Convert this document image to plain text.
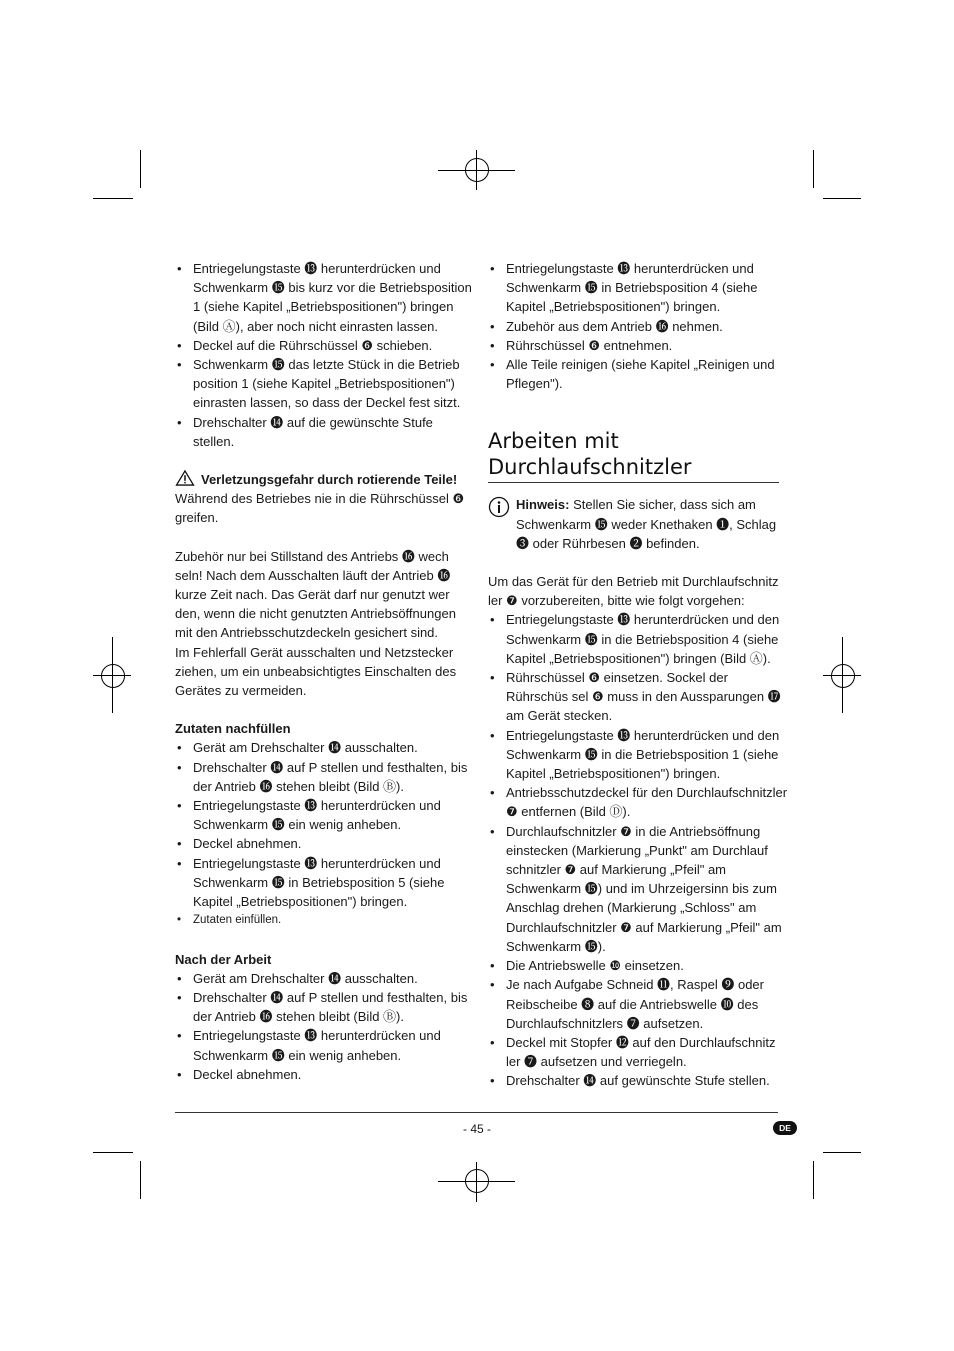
• Entriegelungstaste ⓭ herunterdrücken und Schwenkarm ⓯ bis kurz vor die Betriebsposition 1 (siehe Kapitel „Betriebspositionen") bringen (Bild Ⓐ), aber noch nicht einrasten lassen.
• Deckel auf die Rührschüssel ❻ schieben.
• Schwenkarm ⓯ das letzte Stück in die Betrieb position 1 (siehe Kapitel „Betriebspositionen") einrasten lassen, so dass der Deckel fest sitzt.
• Drehschalter ⓮ auf die gewünschte Stufe stellen.
Verletzungsgefahr durch rotierende Teile!

Während des Betriebes nie in die Rührschüssel ❻ greifen.

Zubehör nur bei Stillstand des Antriebs ⓰ wech seln! Nach dem Ausschalten läuft der Antrieb ⓰ kurze Zeit nach. Das Gerät darf nur genutzt wer den, wenn die nicht genutzten Antriebsöffnungen mit den Antriebsschutzdeckeln gesichert sind.

Im Fehlerfall Gerät ausschalten und Netzstecker ziehen, um ein unbeabsichtigtes Einschalten des Gerätes zu vermeiden.

Zutaten nachfüllen

• Gerät am Drehschalter ⓮ ausschalten.
• Drehschalter ⓮ auf P stellen und festhalten, bis der Antrieb ⓰ stehen bleibt (Bild Ⓑ).
• Entriegelungstaste ⓭ herunterdrücken und Schwenkarm ⓯ ein wenig anheben.
• Deckel abnehmen.
• Entriegelungstaste ⓭ herunterdrücken und Schwenkarm ⓯ in Betriebsposition 5 (siehe Kapitel „Betriebspositionen") bringen.
• Zutaten einfüllen.

Nach der Arbeit

• Gerät am Drehschalter ⓮ ausschalten.
• Drehschalter ⓮ auf P stellen und festhalten, bis der Antrieb ⓰ stehen bleibt (Bild Ⓑ).
• Entriegelungstaste ⓭ herunterdrücken und Schwenkarm ⓯ ein wenig anheben.
• Deckel abnehmen.
• Entriegelungstaste ⓭ herunterdrücken und Schwenkarm ⓯ in Betriebsposition 4 (siehe Kapitel „Betriebspositionen") bringen.
• Zubehör aus dem Antrieb ⓰ nehmen.
• Rührschüssel ❻ entnehmen.
• Alle Teile reinigen (siehe Kapitel „Reinigen und Pflegen").
Arbeiten mit Durchlaufschnitzler
Hinweis: Stellen Sie sicher, dass sich am Schwenkarm ⓯ weder Knethaken ❶, Schlag ❸ oder Rührbesen ❷ befinden.

Um das Gerät für den Betrieb mit Durchlaufschnitz ler ❼ vorzubereiten, bitte wie folgt vorgehen:

• Entriegelungstaste ⓭ herunterdrücken und den Schwenkarm ⓯ in die Betriebsposition 4 (siehe Kapitel „Betriebspositionen") bringen (Bild Ⓐ).
• Rührschüssel ❻ einsetzen. Sockel der Rührschüs sel ❻ muss in den Aussparungen ⓱ am Gerät stecken.
• Entriegelungstaste ⓭ herunterdrücken und den Schwenkarm ⓯ in die Betriebsposition 1 (siehe Kapitel „Betriebspositionen") bringen.
• Antriebsschutzdeckel für den Durchlaufschnitzler ❼ entfernen (Bild Ⓓ).
• Durchlaufschnitzler ❼ in die Antriebsöffnung einstecken (Markierung „Punkt" am Durchlauf schnitzler ❼ auf Markierung „Pfeil" am Schwenkarm ⓯) und im Uhrzeigersinn bis zum Anschlag drehen (Markierung „Schloss" am Durchlaufschnitzler ❼ auf Markierung „Pfeil" am Schwenkarm ⓯).
• Die Antriebswelle ❿ einsetzen.
• Je nach Aufgabe Schneid ⓫, Raspel ❾ oder Reibscheibe ❽ auf die Antriebswelle ❿ des Durchlaufschnitzlers ❼ aufsetzen.
• Deckel mit Stopfer ⓬ auf den Durchlaufschnitz ler ❼ aufsetzen und verriegeln.
• Drehschalter ⓮ auf gewünschte Stufe stellen.
- 45 -	DE
